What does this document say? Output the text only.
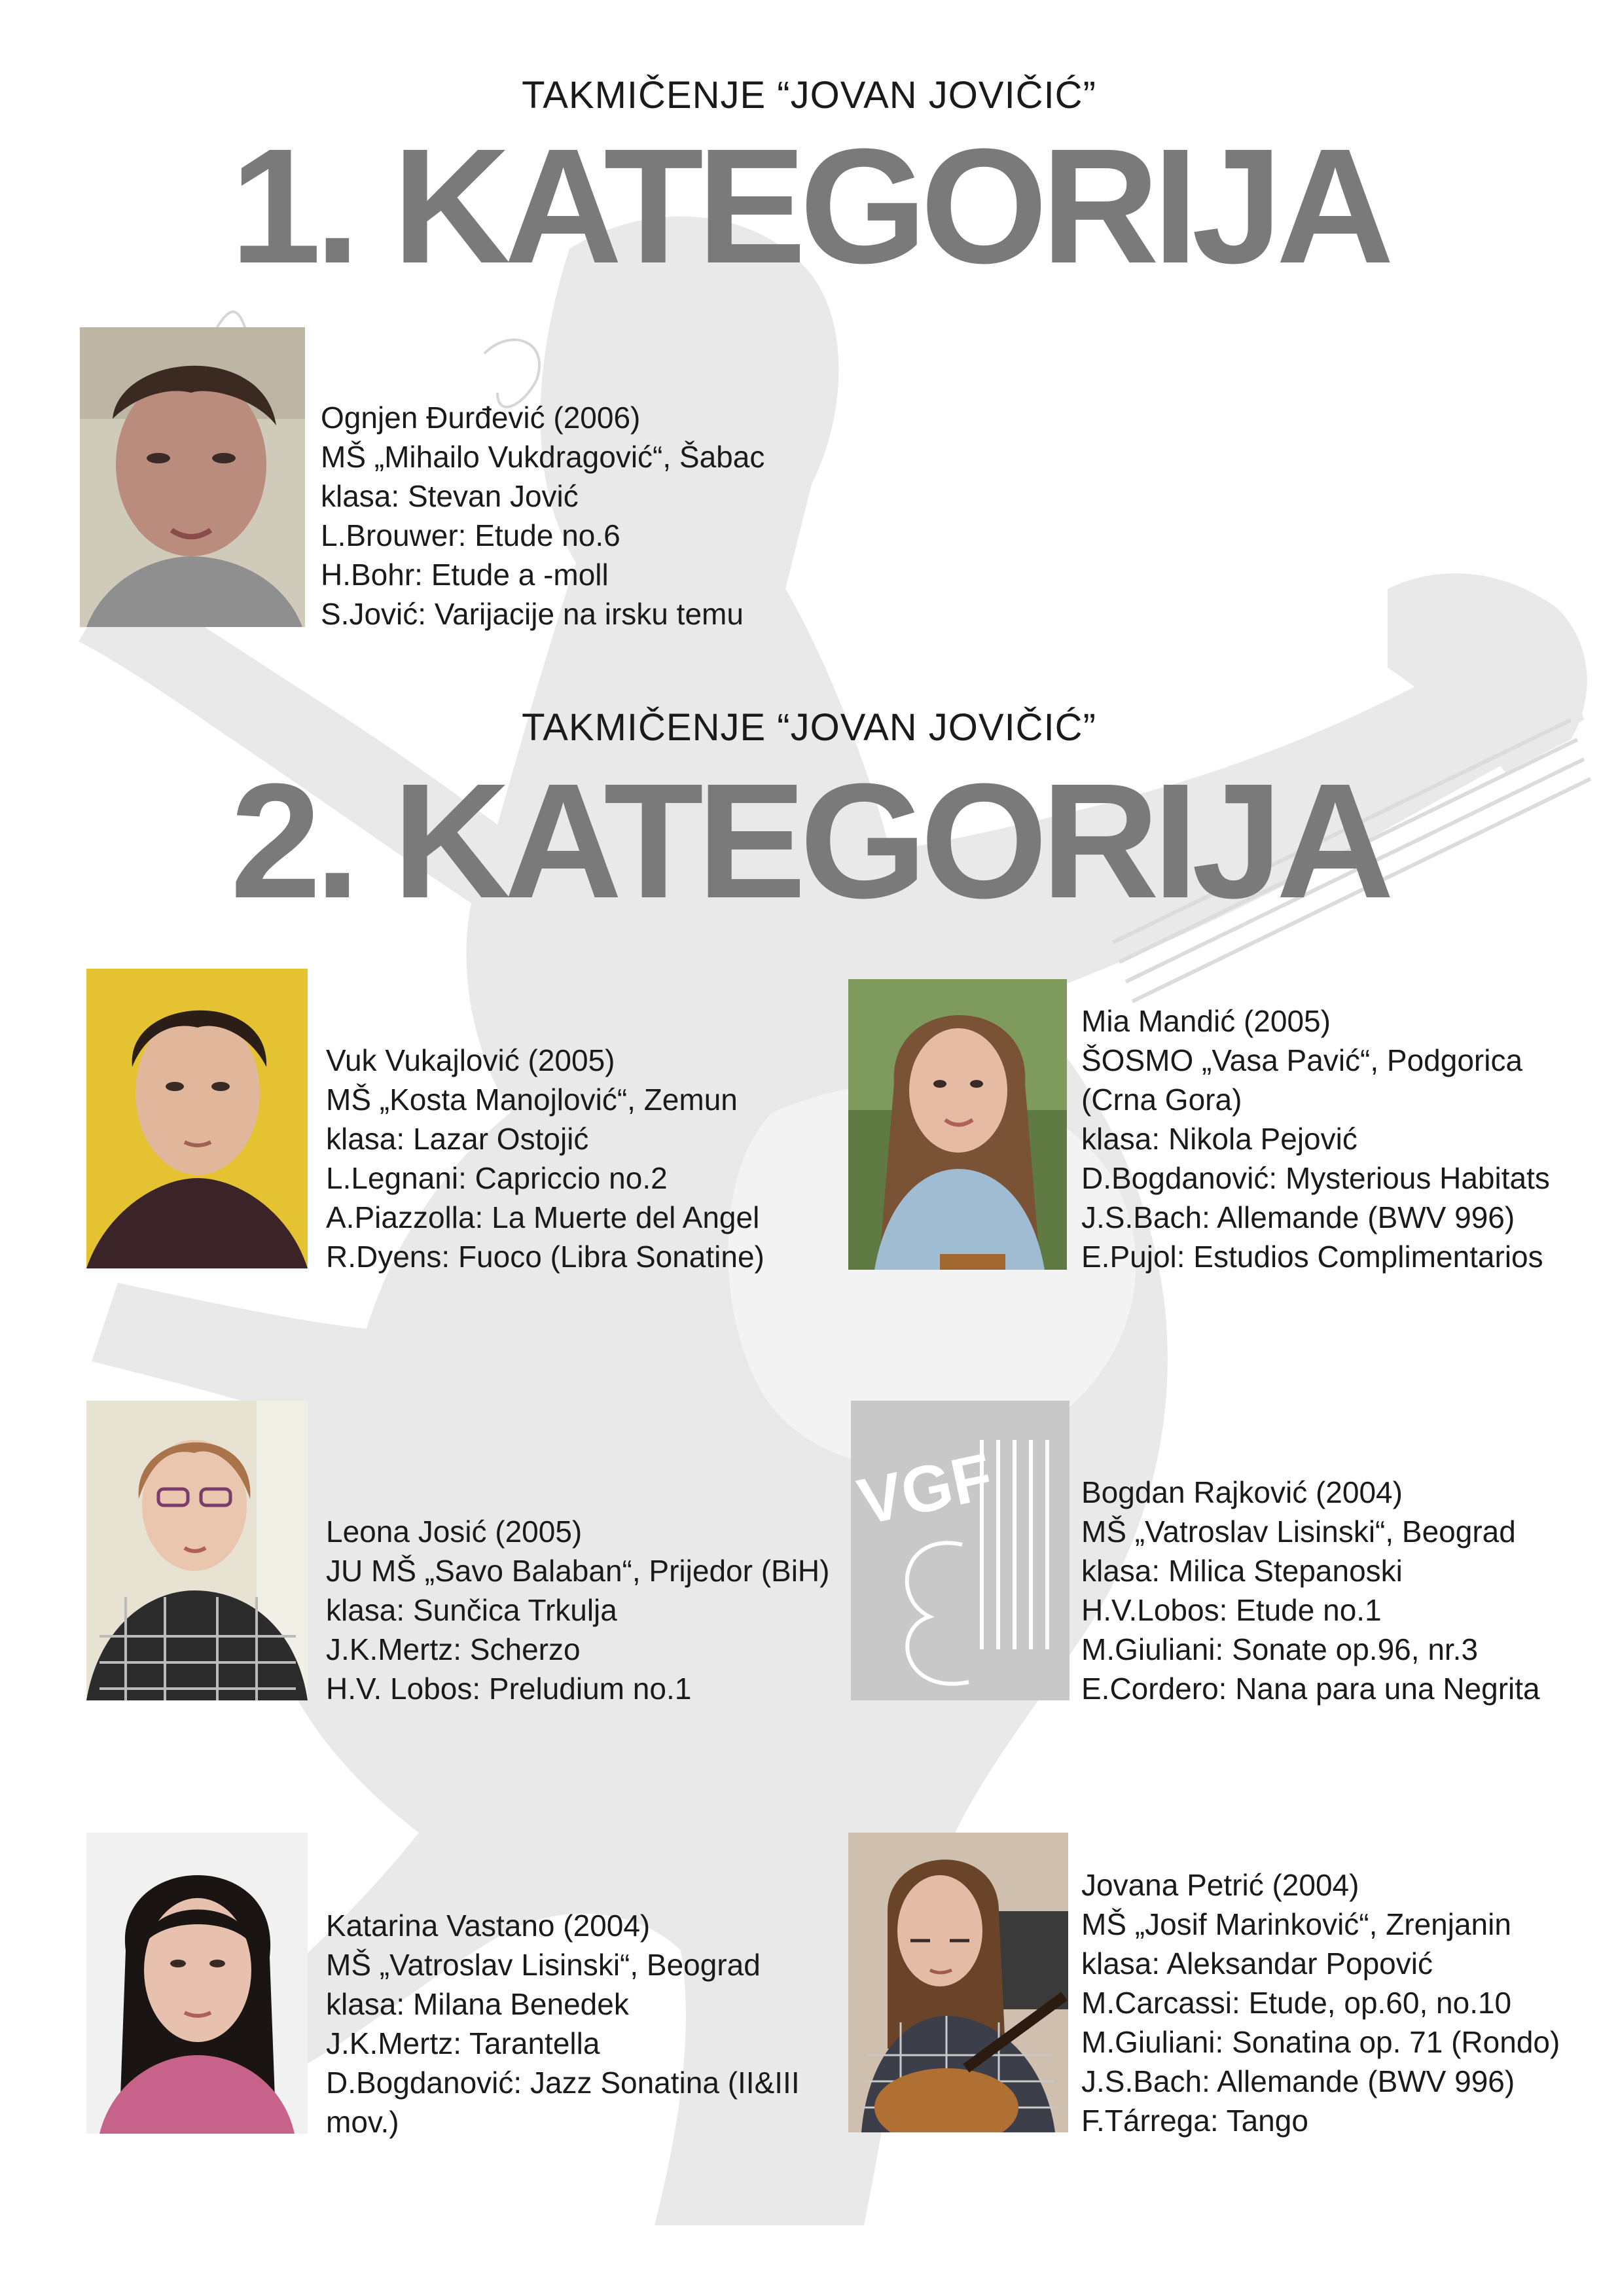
TAKMIČENJE “JOVAN JOVIČIĆ”
1. KATEGORIJA
Ognjen Đurđević (2006)
MŠ „Mihailo Vukdragović“, Šabac
klasa: Stevan Jović
L.Brouwer: Etude no.6
H.Bohr: Etude a -moll
S.Jović: Varijacije na irsku temu
TAKMIČENJE “JOVAN JOVIČIĆ”
2. KATEGORIJA
Vuk Vukajlović (2005)
MŠ „Kosta Manojlović“, Zemun
klasa: Lazar Ostojić
L.Legnani: Capriccio no.2
A.Piazzolla: La Muerte del Angel
R.Dyens: Fuoco (Libra Sonatine)
Mia Mandić (2005)
ŠOSMO „Vasa Pavić“, Podgorica
(Crna Gora)
klasa: Nikola Pejović
D.Bogdanović: Mysterious Habitats
J.S.Bach: Allemande (BWV 996)
E.Pujol: Estudios Complimentarios
Leona Josić (2005)
JU MŠ „Savo Balaban“, Prijedor (BiH)
klasa: Sunčica Trkulja
J.K.Mertz: Scherzo
H.V. Lobos: Preludium no.1
VGF	Bogdan Rajković (2004)
MŠ „Vatroslav Lisinski“, Beograd
klasa: Milica Stepanoski
H.V.Lobos: Etude no.1
M.Giuliani: Sonate op.96, nr.3
E.Cordero: Nana para una Negrita
Katarina Vastano (2004)
MŠ „Vatroslav Lisinski“, Beograd
klasa: Milana Benedek
J.K.Mertz: Tarantella
D.Bogdanović: Jazz Sonatina (II&III
mov.)
Jovana Petrić (2004)
MŠ „Josif Marinković“, Zrenjanin
klasa: Aleksandar Popović
M.Carcassi: Etude, op.60, no.10
M.Giuliani: Sonatina op. 71 (Rondo)
J.S.Bach: Allemande (BWV 996)
F.Tárrega: Tango
